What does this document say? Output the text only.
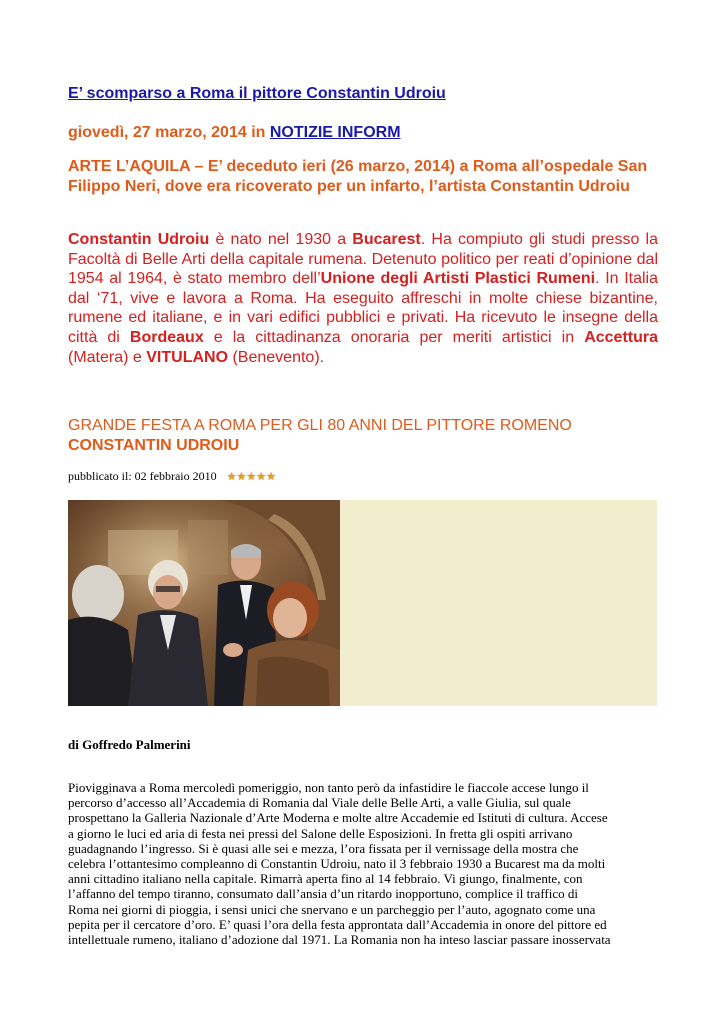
E’ scomparso a Roma il pittore Constantin Udroiu
giovedì, 27 marzo, 2014 in NOTIZIE INFORM
ARTE L’AQUILA – E’ deceduto ieri (26 marzo, 2014) a Roma all’ospedale San Filippo Neri, dove era ricoverato per un infarto, l’artista Constantin Udroiu
Constantin Udroiu è nato nel 1930 a Bucarest. Ha compiuto gli studi presso la Facoltà di Belle Arti della capitale rumena. Detenuto politico per reati d’opinione dal 1954 al 1964, è stato membro dell’Unione degli Artisti Plastici Rumeni. In Italia dal ‘71, vive e lavora a Roma. Ha eseguito affreschi in molte chiese bizantine, rumene ed italiane, e in vari edifici pubblici e privati. Ha ricevuto le insegne della città di Bordeaux e la cittadinanza onoraria per meriti artistici in Accettura (Matera) e VITULANO (Benevento).
GRANDE FESTA A ROMA PER GLI 80 ANNI DEL PITTORE ROMENO
CONSTANTIN UDROIU
pubblicato il: 02 febbraio 2010 ★ ★ ★ ★ ★
di Goffredo Palmerini
Piovigginava a Roma mercoledì pomeriggio, non tanto però da infastidire le fiaccole accese lungo il
percorso d’accesso all’Accademia di Romania dal Viale delle Belle Arti, a valle Giulia, sul quale
prospettano la Galleria Nazionale d’Arte Moderna e molte altre Accademie ed Istituti di cultura. Accese
a giorno le luci ed aria di festa nei pressi del Salone delle Esposizioni. In fretta gli ospiti arrivano
guadagnando l’ingresso. Si è quasi alle sei e mezza, l’ora fissata per il vernissage della mostra che
celebra l’ottantesimo compleanno di Constantin Udroiu, nato il 3 febbraio 1930 a Bucarest ma da molti
anni cittadino italiano nella capitale. Rimarrà aperta fino al 14 febbraio. Vi giungo, finalmente, con
l’affanno del tempo tiranno, consumato dall’ansia d’un ritardo inopportuno, complice il traffico di
Roma nei giorni di pioggia, i sensi unici che snervano e un parcheggio per l’auto, agognato come una
pepita per il cercatore d’oro. E’ quasi l’ora della festa approntata dall’Accademia in onore del pittore ed
intellettuale rumeno, italiano d’adozione dal 1971. La Romania non ha inteso lasciar passare inosservata
